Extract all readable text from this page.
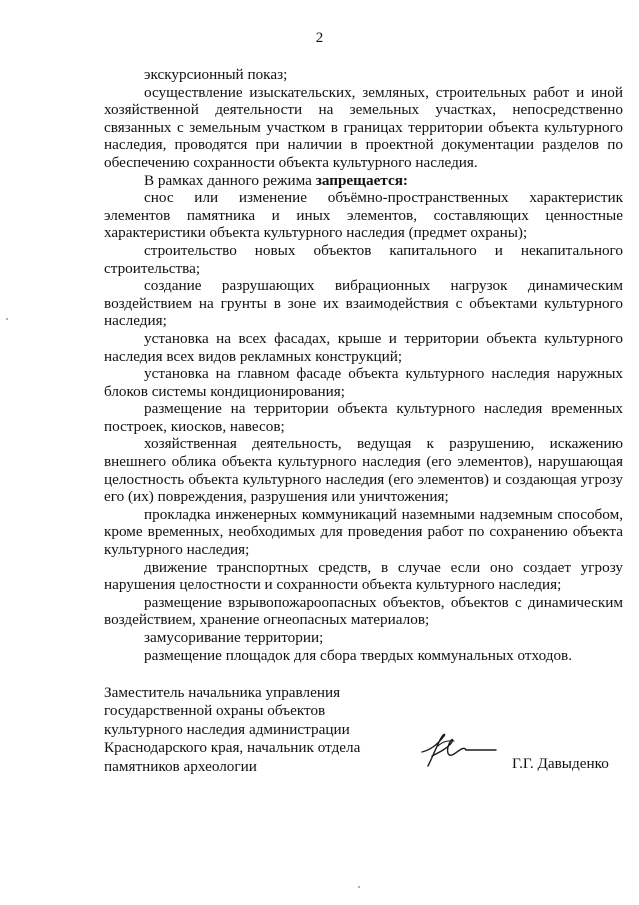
2

экскурсионный показ;

осуществление изыскательских, земляных, строительных работ и иной хозяйственной деятельности на земельных участках, непосредственно связанных с земельным участком в границах территории объекта культурного наследия, проводятся при наличии в проектной документации разделов по обеспечению сохранности объекта культурного наследия.

В рамках данного режима запрещается:

снос или изменение объёмно-пространственных характеристик элементов памятника и иных элементов, составляющих ценностные характеристики объекта культурного наследия (предмет охраны);

строительство новых объектов капитального и некапитального строительства;

создание разрушающих вибрационных нагрузок динамическим воздействием на грунты в зоне их взаимодействия с объектами культурного наследия;

установка на всех фасадах, крыше и территории объекта культурного наследия всех видов рекламных конструкций;

установка на главном фасаде объекта культурного наследия наружных блоков системы кондиционирования;

размещение на территории объекта культурного наследия временных построек, киосков, навесов;

хозяйственная деятельность, ведущая к разрушению, искажению внешнего облика объекта культурного наследия (его элементов), нарушающая целостность объекта культурного наследия (его элементов) и создающая угрозу его (их) повреждения, разрушения или уничтожения;

прокладка инженерных коммуникаций наземными надземным способом, кроме временных, необходимых для проведения работ по сохранению объекта культурного наследия;

движение транспортных средств, в случае если оно создает угрозу нарушения целостности и сохранности объекта культурного наследия;

размещение взрывопожароопасных объектов, объектов с динамическим воздействием, хранение огнеопасных материалов;

замусоривание территории;

размещение площадок для сбора твердых коммунальных отходов.

Заместитель начальника управления
государственной охраны объектов
культурного наследия администрации
Краснодарского края, начальник отдела
памятников археологии	Г.Г. Давыденко
